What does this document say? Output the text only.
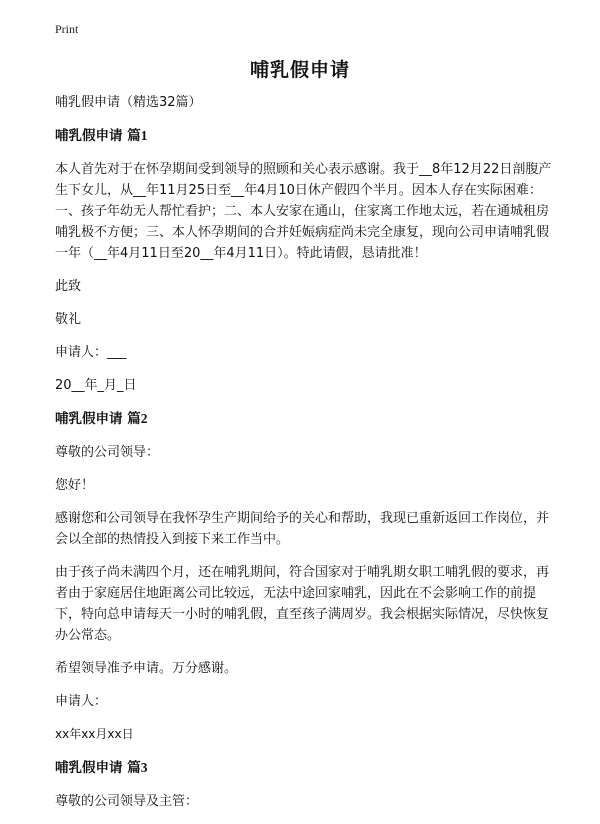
Print
哺乳假申请

哺乳假申请（精选32篇）

哺乳假申请 篇1

本人首先对于在怀孕期间受到领导的照顾和关心表示感谢。我于__8年12月22日剖腹产生下女儿，从__年11月25日至__年4月10日休产假四个半月。因本人存在实际困难：一、孩子年幼无人帮忙看护；二、本人安家在通山，住家离工作地太远，若在通城租房哺乳极不方便；三、本人怀孕期间的合并妊娠病症尚未完全康复，现向公司申请哺乳假一年（__年4月11日至20__年4月11日）。特此请假，恳请批准！

此致

敬礼

申请人：___

20__年_月_日

哺乳假申请 篇2

尊敬的公司领导：

您好！

感谢您和公司领导在我怀孕生产期间给予的关心和帮助，我现已重新返回工作岗位，并会以全部的热情投入到接下来工作当中。

由于孩子尚未满四个月，还在哺乳期间，符合国家对于哺乳期女职工哺乳假的要求，再者由于家庭居住地距离公司比较远，无法中途回家哺乳，因此在不会影响工作的前提下，特向总申请每天一小时的哺乳假，直至孩子满周岁。我会根据实际情况，尽快恢复办公常态。

希望领导准予申请。万分感谢。

申请人：

xx年xx月xx日

哺乳假申请 篇3

尊敬的公司领导及主管：
